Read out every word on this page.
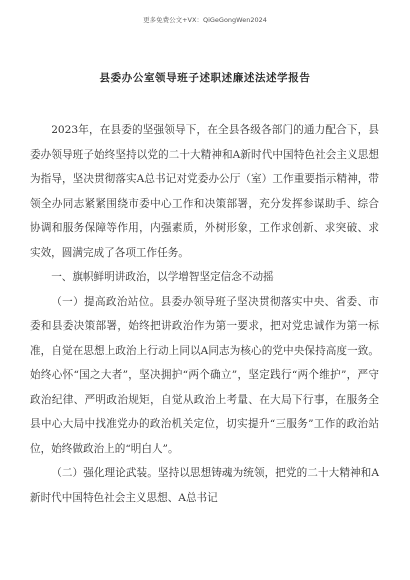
更多免费公文+VX：QiGeGongWen2024
县委办公室领导班子述职述廉述法述学报告

2023年，在县委的坚强领导下，在全县各级各部门的通力配合下，县委办领导班子始终坚持以党的二十大精神和A新时代中国特色社会主义思想为指导，坚决贯彻落实A总书记对党委办公厅（室）工作重要指示精神，带领全办同志紧紧围绕市委中心工作和决策部署，充分发挥参谋助手、综合协调和服务保障等作用，内强素质，外树形象，工作求创新、求突破、求实效，圆满完成了各项工作任务。

一、旗帜鲜明讲政治，以学增智坚定信念不动摇

（一）提高政治站位。县委办领导班子坚决贯彻落实中央、省委、市委和县委决策部署，始终把讲政治作为第一要求，把对党忠诚作为第一标准，自觉在思想上政治上行动上同以A同志为核心的党中央保持高度一致。始终心怀“国之大者”，坚决拥护“两个确立”，坚定践行“两个维护”，严守政治纪律、严明政治规矩，自觉从政治上考量、在大局下行事，在服务全县中心大局中找准党办的政治机关定位，切实提升“三服务”工作的政治站位，始终做政治上的“明白人”。

（二）强化理论武装。坚持以思想铸魂为统领，把党的二十大精神和A新时代中国特色社会主义思想、A总书记
